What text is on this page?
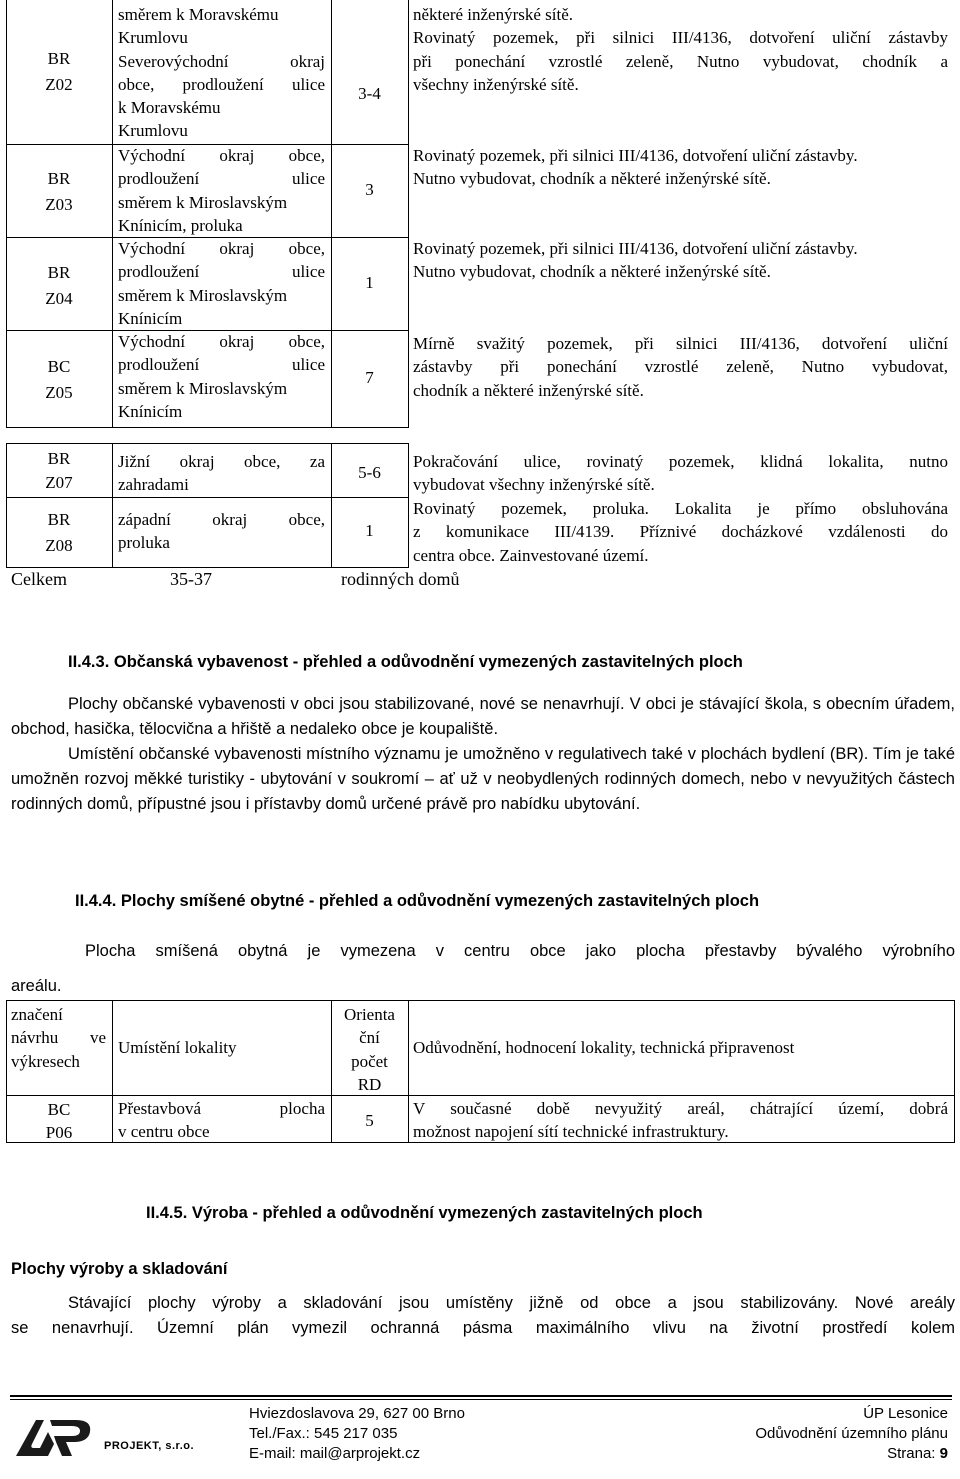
BR
Z02
směrem k Moravskému
Krumlovu
Severovýchodní okraj
obce, prodloužení ulice
k Moravskému
Krumlovu
3-4
některé inženýrské sítě.
Rovinatý pozemek, při silnici III/4136, dotvoření uliční zástavby
při ponechání vzrostlé zeleně, Nutno vybudovat, chodník a
všechny inženýrské sítě.
BR
Z03
Východní okraj obce,
prodloužení ulice
směrem k Miroslavským
Knínicím, proluka
3
Rovinatý pozemek, při silnici III/4136, dotvoření uliční zástavby.
Nutno vybudovat, chodník a některé inženýrské sítě.
BR
Z04
Východní okraj obce,
prodloužení ulice
směrem k Miroslavským
Knínicím
1
Rovinatý pozemek, při silnici III/4136, dotvoření uliční zástavby.
Nutno vybudovat, chodník a některé inženýrské sítě.
BC
Z05
Východní okraj obce,
prodloužení ulice
směrem k Miroslavským
Knínicím
7
Mírně svažitý pozemek, při silnici III/4136, dotvoření uliční
zástavby při ponechání vzrostlé zeleně, Nutno vybudovat,
chodník a některé inženýrské sítě.
BR
Z07
Jižní okraj obce, za
zahradami
5-6
Pokračování ulice, rovinatý pozemek, klidná lokalita, nutno
vybudovat všechny inženýrské sítě.
BR
Z08
západní okraj obce,
proluka
1
Rovinatý pozemek, proluka. Lokalita je přímo obsluhována
z komunikace III/4139. Příznivé docházkové vzdálenosti do
centra obce. Zainvestované území.
Celkem	35-37	rodinných domů
II.4.3. Občanská vybavenost - přehled a odůvodnění vymezených zastavitelných ploch

Plochy občanské vybavenosti v obci jsou stabilizované, nové se nenavrhují. V obci je stávající škola, s obecním úřadem, obchod, hasička, tělocvična a hřiště a nedaleko obce je koupaliště.

Umístění občanské vybavenosti místního významu je umožněno v regulativech také v plochách bydlení (BR). Tím je také umožněn rozvoj měkké turistiky - ubytování v soukromí – ať už v neobydlených rodinných domech, nebo v nevyužitých částech rodinných domů, přípustné jsou i přístavby domů určené právě pro nabídku ubytování.

II.4.4. Plochy smíšené obytné - přehled a odůvodnění vymezených zastavitelných ploch
Plocha smíšená obytná je vymezena v centru obce jako plocha přestavby bývalého výrobního
areálu.
značení
návrhu ve
výkresech
Umístění lokality
Orienta
ční
počet
RD
Odůvodnění, hodnocení lokality, technická připravenost
BC
P06
Přestavbová plocha
v centru obce
5
V současné době nevyužitý areál, chátrající území, dobrá
možnost napojení sítí technické infrastruktury.
II.4.5. Výroba - přehled a odůvodnění vymezených zastavitelných ploch
Plochy výroby a skladování
Stávající plochy výroby a skladování jsou umístěny jižně od obce a jsou stabilizovány. Nové areály
se nenavrhují. Územní plán vymezil ochranná pásma maximálního vlivu na životní prostředí kolem
PROJEKT, s.r.o.
Hviezdoslavova 29, 627 00 Brno
Tel./Fax.: 545 217 035
E-mail: mail@arprojekt.cz
ÚP Lesonice
Odůvodnění územního plánu
Strana: 9
